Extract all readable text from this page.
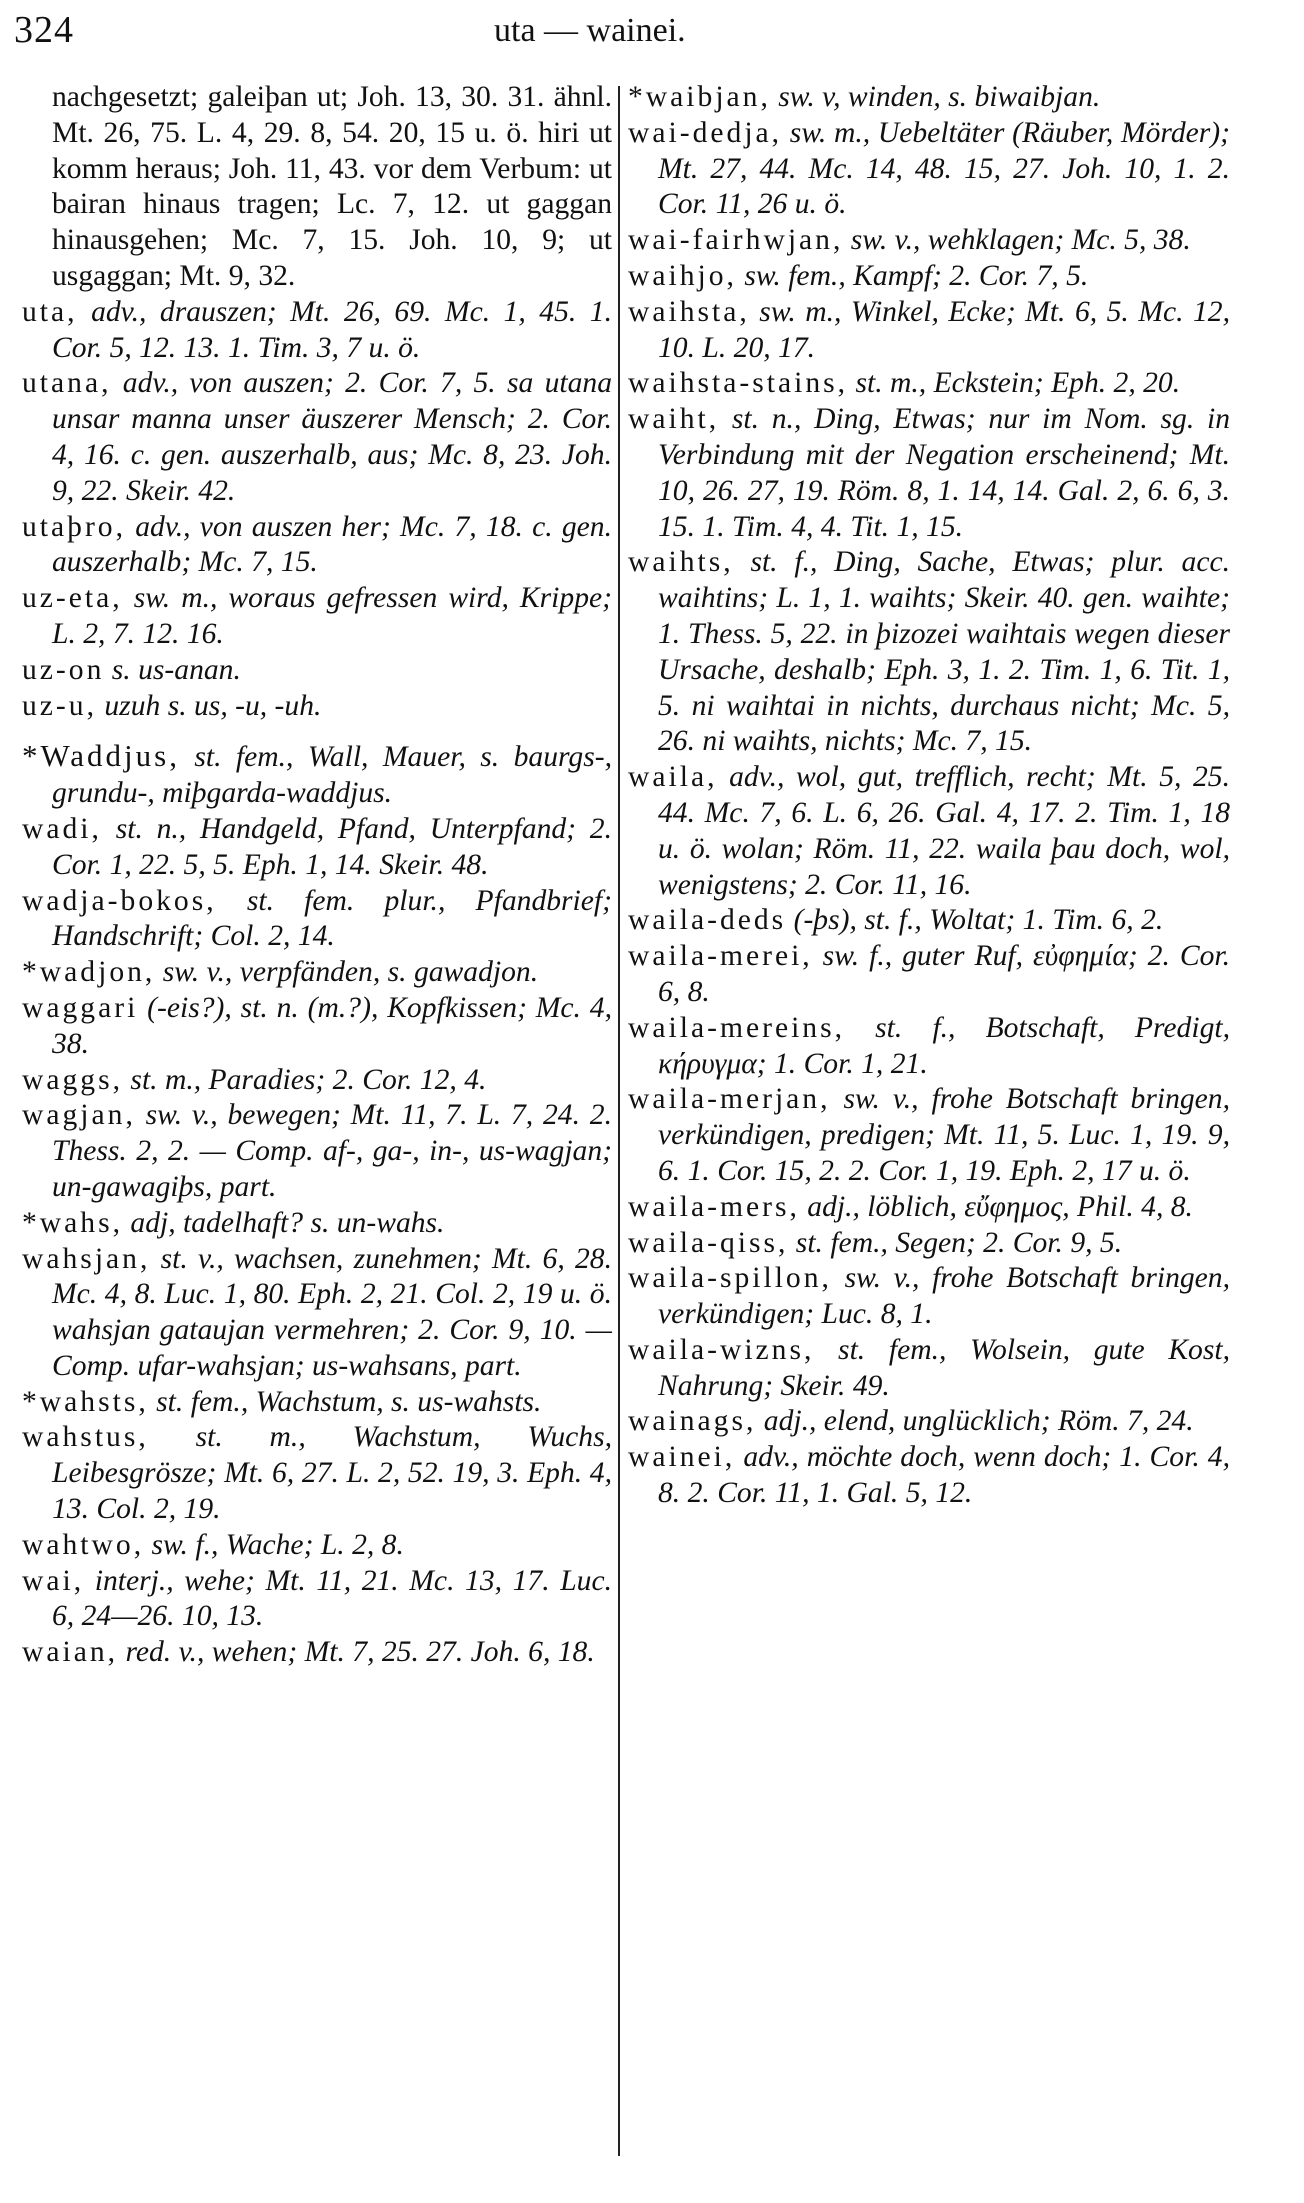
324	uta — wainei.

nachgesetzt; galeiþan ut; Joh. 13, 30. 31. ähnl. Mt. 26, 75. L. 4, 29. 8, 54. 20, 15 u. ö. hiri ut komm heraus; Joh. 11, 43. vor dem Verbum: ut bairan hinaus tragen; Lc. 7, 12. ut gaggan hinausgehen; Mc. 7, 15. Joh. 10, 9; ut usgaggan; Mt. 9, 32.

uta, adv., drauszen; Mt. 26, 69. Mc. 1, 45. 1. Cor. 5, 12. 13. 1. Tim. 3, 7 u. ö.

utana, adv., von auszen; 2. Cor. 7, 5. sa utana unsar manna unser äuszerer Mensch; 2. Cor. 4, 16. c. gen. auszerhalb, aus; Mc. 8, 23. Joh. 9, 22. Skeir. 42.

utaþro, adv., von auszen her; Mc. 7, 18. c. gen. auszerhalb; Mc. 7, 15.

uz-eta, sw. m., woraus gefressen wird, Krippe; L. 2, 7. 12. 16.

uz-on s. us-anan.

uz-u, uzuh s. us, -u, -uh.

*Waddjus, st. fem., Wall, Mauer, s. baurgs-, grundu-, miþgarda-waddjus.

wadi, st. n., Handgeld, Pfand, Unterpfand; 2. Cor. 1, 22. 5, 5. Eph. 1, 14. Skeir. 48.

wadja-bokos, st. fem. plur., Pfandbrief; Handschrift; Col. 2, 14.

*wadjon, sw. v., verpfänden, s. gawadjon.

waggari (-eis?), st. n. (m.?), Kopfkissen; Mc. 4, 38.

waggs, st. m., Paradies; 2. Cor. 12, 4.

wagjan, sw. v., bewegen; Mt. 11, 7. L. 7, 24. 2. Thess. 2, 2. — Comp. af-, ga-, in-, us-wagjan; un-gawagiþs, part.

*wahs, adj, tadelhaft? s. un-wahs.

wahsjan, st. v., wachsen, zunehmen; Mt. 6, 28. Mc. 4, 8. Luc. 1, 80. Eph. 2, 21. Col. 2, 19 u. ö. wahsjan gataujan vermehren; 2. Cor. 9, 10. — Comp. ufar-wahsjan; us-wahsans, part.

*wahsts, st. fem., Wachstum, s. us-wahsts.

wahstus, st. m., Wachstum, Wuchs, Leibesgrösze; Mt. 6, 27. L. 2, 52. 19, 3. Eph. 4, 13. Col. 2, 19.

wahtwo, sw. f., Wache; L. 2, 8.

wai, interj., wehe; Mt. 11, 21. Mc. 13, 17. Luc. 6, 24—26. 10, 13.

waian, red. v., wehen; Mt. 7, 25. 27. Joh. 6, 18.

*waibjan, sw. v, winden, s. biwaibjan.

wai-dedja, sw. m., Uebeltäter (Räuber, Mörder); Mt. 27, 44. Mc. 14, 48. 15, 27. Joh. 10, 1. 2. Cor. 11, 26 u. ö.

wai-fairhwjan, sw. v., wehklagen; Mc. 5, 38.

waihjo, sw. fem., Kampf; 2. Cor. 7, 5.

waihsta, sw. m., Winkel, Ecke; Mt. 6, 5. Mc. 12, 10. L. 20, 17.

waihsta-stains, st. m., Eckstein; Eph. 2, 20.

waiht, st. n., Ding, Etwas; nur im Nom. sg. in Verbindung mit der Negation erscheinend; Mt. 10, 26. 27, 19. Röm. 8, 1. 14, 14. Gal. 2, 6. 6, 3. 15. 1. Tim. 4, 4. Tit. 1, 15.

waihts, st. f., Ding, Sache, Etwas; plur. acc. waihtins; L. 1, 1. waihts; Skeir. 40. gen. waihte; 1. Thess. 5, 22. in þizozei waihtais wegen dieser Ursache, deshalb; Eph. 3, 1. 2. Tim. 1, 6. Tit. 1, 5. ni waihtai in nichts, durchaus nicht; Mc. 5, 26. ni waihts, nichts; Mc. 7, 15.

waila, adv., wol, gut, trefflich, recht; Mt. 5, 25. 44. Mc. 7, 6. L. 6, 26. Gal. 4, 17. 2. Tim. 1, 18 u. ö. wolan; Röm. 11, 22. waila þau doch, wol, wenigstens; 2. Cor. 11, 16.

waila-deds (-þs), st. f., Woltat; 1. Tim. 6, 2.

waila-merei, sw. f., guter Ruf, εὐφημία; 2. Cor. 6, 8.

waila-mereins, st. f., Botschaft, Predigt, κήρυγμα; 1. Cor. 1, 21.

waila-merjan, sw. v., frohe Botschaft bringen, verkündigen, predigen; Mt. 11, 5. Luc. 1, 19. 9, 6. 1. Cor. 15, 2. 2. Cor. 1, 19. Eph. 2, 17 u. ö.

waila-mers, adj., löblich, εὔφημος, Phil. 4, 8.

waila-qiss, st. fem., Segen; 2. Cor. 9, 5.

waila-spillon, sw. v., frohe Botschaft bringen, verkündigen; Luc. 8, 1.

waila-wizns, st. fem., Wolsein, gute Kost, Nahrung; Skeir. 49.

wainags, adj., elend, unglücklich; Röm. 7, 24.

wainei, adv., möchte doch, wenn doch; 1. Cor. 4, 8. 2. Cor. 11, 1. Gal. 5, 12.
